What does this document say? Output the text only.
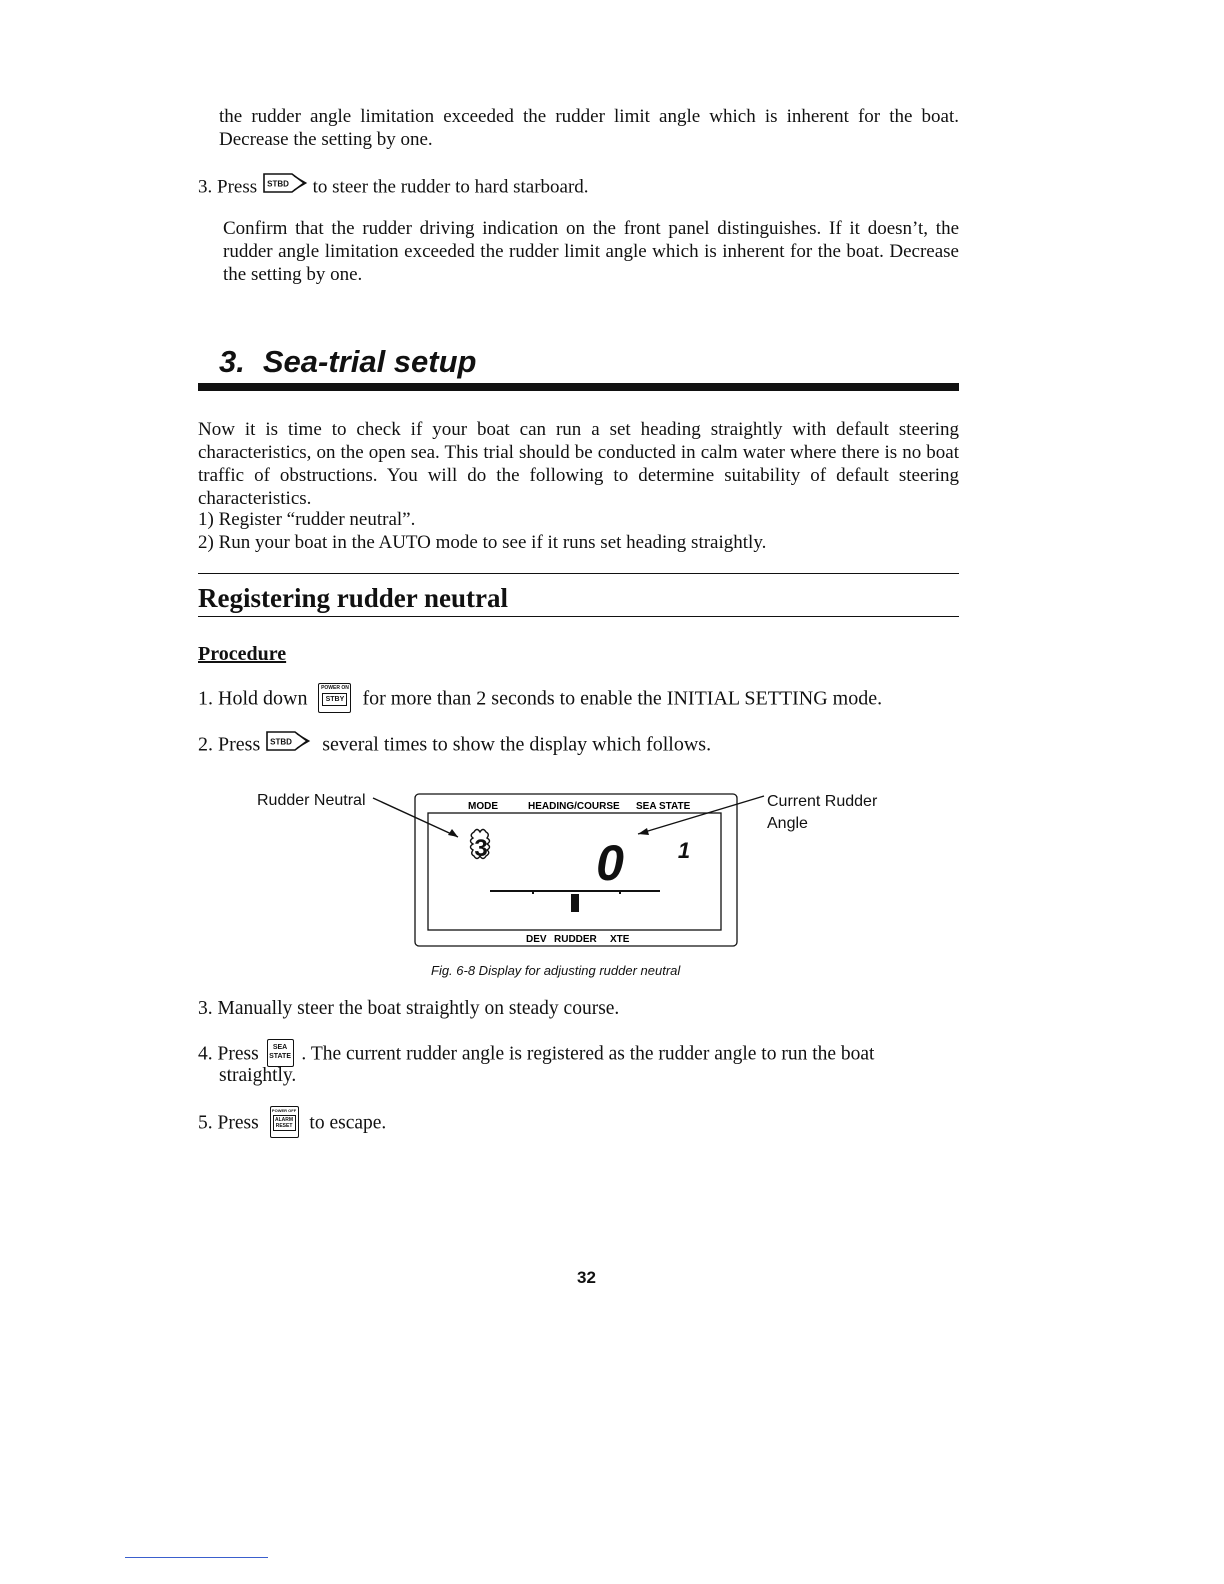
the rudder angle limitation exceeded the rudder limit angle which is inherent for the boat. Decrease the setting by one.

3. Press STBD to steer the rudder to hard starboard.

Confirm that the rudder driving indication on the front panel distinguishes. If it doesn’t, the rudder angle limitation exceeded the rudder limit angle which is inherent for the boat. Decrease the setting by one.

3. Sea-trial setup

Now it is time to check if your boat can run a set heading straightly with default steering characteristics, on the open sea. This trial should be conducted in calm water where there is no boat traffic of obstructions. You will do the following to determine suitability of default steering characteristics.

1) Register “rudder neutral”.

2) Run your boat in the AUTO mode to see if it runs set heading straightly.

Registering rudder neutral
Procedure
1. Hold down	POWER ON
STBY for more than 2 seconds to enable the INITIAL SETTING mode.
2. Press STBD several times to show the display which follows.
Rudder Neutral	Current Rudder
Angle
MODE	HEADING/COURSE SEA STATE
DEV RUDDER XTE
3 0 1
Fig. 6-8 Display for adjusting rudder neutral
3. Manually steer the boat straightly on steady course.
4. Press	SEA
STATE . The current rudder angle is registered as the rudder angle to run the boat
straightly.
5. Press
POWER OFF
ALARM
RESET to escape.
32
